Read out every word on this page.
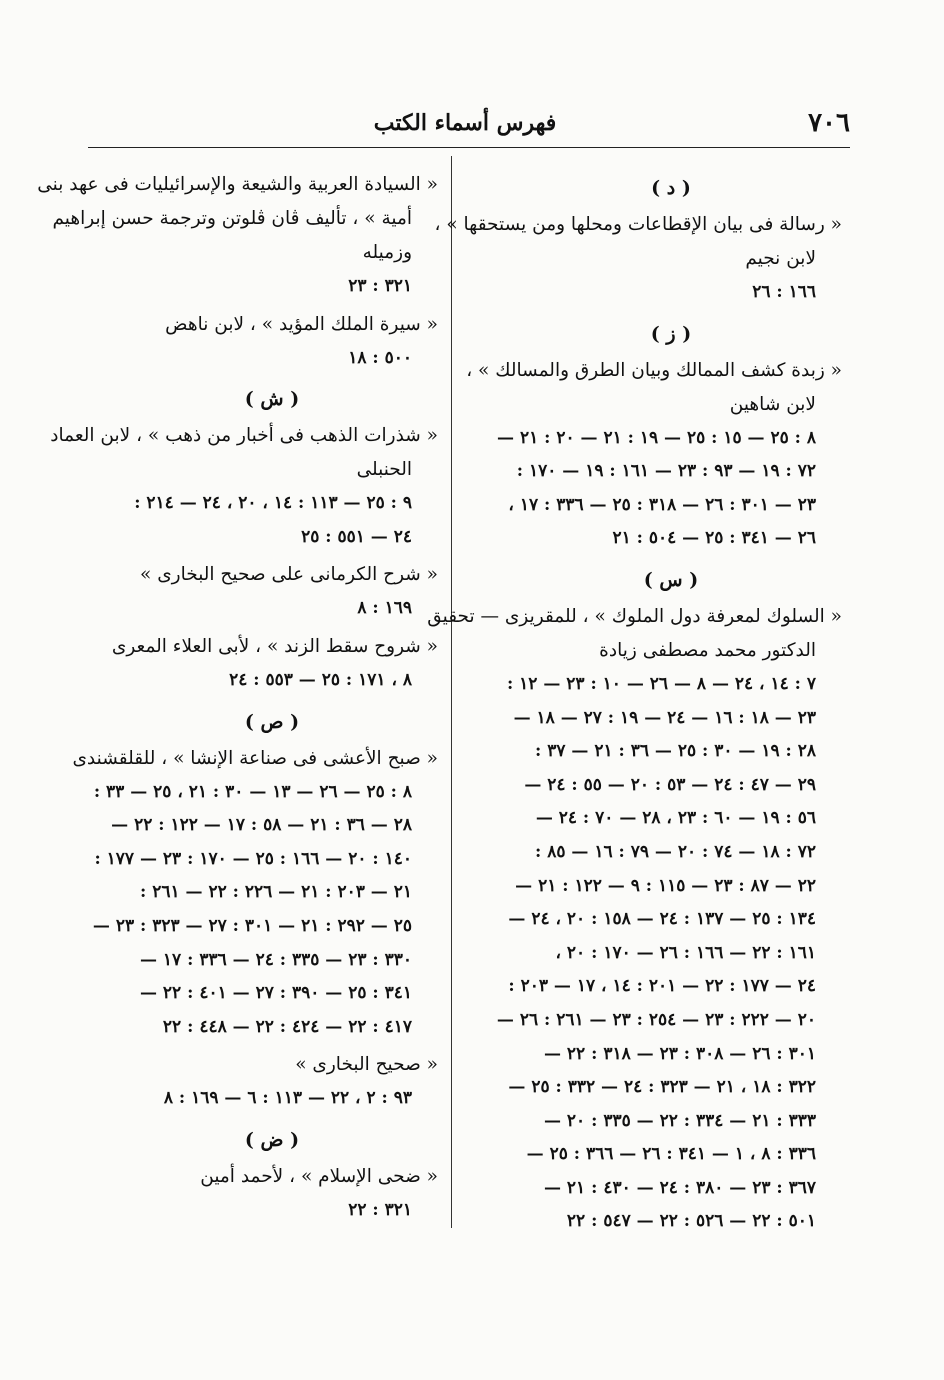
٧٠٦
فهرس أسماء الكتب
( د )
« رسالة فى بيان الإقطاعات ومحلها ومن يستحقها » ،
لابن نجيم
١٦٦ : ٢٦
( ز )
« زبدة كشف الممالك وبيان الطرق والمسالك » ،
لابن شاهين
٨ : ٢٥ — ١٥ : ٢٥ — ١٩ : ٢١ — ٢٠ : ٢١ —
٧٢ : ١٩ — ٩٣ : ٢٣ — ١٦١ : ١٩ — ١٧٠ :
٢٣ — ٣٠١ : ٢٦ — ٣١٨ : ٢٥ — ٣٣٦ : ١٧ ،
٢٦ — ٣٤١ : ٢٥ — ٥٠٤ : ٢١
( س )
« السلوك لمعرفة دول الملوك » ، للمقريزى — تحقيق
الدكتور محمد مصطفى زيادة
٧ : ١٤ ، ٢٤ — ٨ — ٢٦ — ١٠ : ٢٣ — ١٢ :
٢٣ — ١٨ : ١٦ — ٢٤ — ١٩ : ٢٧ — ١٨ —
٢٨ : ١٩ — ٣٠ : ٢٥ — ٣٦ : ٢١ — ٣٧ :
٢٩ — ٤٧ : ٢٤ — ٥٣ : ٢٠ — ٥٥ : ٢٤ —
٥٦ : ١٩ — ٦٠ : ٢٣ ، ٢٨ — ٧٠ : ٢٤ —
٧٢ : ١٨ — ٧٤ : ٢٠ — ٧٩ : ١٦ — ٨٥ :
٢٢ — ٨٧ : ٢٣ — ١١٥ : ٩ — ١٢٢ : ٢١ —
١٣٤ : ٢٥ — ١٣٧ : ٢٤ — ١٥٨ : ٢٠ ، ٢٤ —
١٦١ : ٢٢ — ١٦٦ : ٢٦ — ١٧٠ : ٢٠ ،
٢٤ — ١٧٧ : ٢٢ — ٢٠١ : ١٤ ، ١٧ — ٢٠٣ :
٢٠ — ٢٢٢ : ٢٣ — ٢٥٤ : ٢٣ — ٢٦١ : ٢٦ —
٣٠١ : ٢٦ — ٣٠٨ : ٢٣ — ٣١٨ : ٢٢ —
٣٢٢ : ١٨ ، ٢١ — ٣٢٣ : ٢٤ — ٣٣٢ : ٢٥ —
٣٣٣ : ٢١ — ٣٣٤ : ٢٢ — ٣٣٥ : ٢٠ —
٣٣٦ : ٨ ، ١ — ٣٤١ : ٢٦ — ٣٦٦ : ٢٥ —
٣٦٧ : ٢٣ — ٣٨٠ : ٢٤ — ٤٣٠ : ٢١ —
٥٠١ : ٢٢ — ٥٢٦ : ٢٢ — ٥٤٧ : ٢٢
« السيادة العربية والشيعة والإسرائيليات فى عهد بنى
أمية » ، تأليف ڤان ڤلوتن وترجمة حسن إبراهيم
وزميله
٣٢١ : ٢٣
« سيرة الملك المؤيد » ، لابن ناهض
٥٠٠ : ١٨
( ش )
« شذرات الذهب فى أخبار من ذهب » ، لابن العماد
الحنبلى
٩ : ٢٥ — ١١٣ : ١٤ ، ٢٠ ، ٢٤ — ٢١٤ :
٢٤ — ٥٥١ : ٢٥
« شرح الكرمانى على صحيح البخارى »
١٦٩ : ٨
« شروح سقط الزند » ، لأبى العلاء المعرى
٨ ، ١٧١ : ٢٥ — ٥٥٣ : ٢٤
( ص )
« صبح الأعشى فى صناعة الإنشا » ، للقلقشندى
٨ : ٢٥ — ٢٦ — ١٣ — ٣٠ : ٢١ ، ٢٥ — ٣٣ :
٢٨ — ٣٦ : ٢١ — ٥٨ : ١٧ — ١٢٢ : ٢٢ —
١٤٠ : ٢٠ — ١٦٦ : ٢٥ — ١٧٠ : ٢٣ — ١٧٧ :
٢١ — ٢٠٣ : ٢١ — ٢٢٦ : ٢٢ — ٢٦١ :
٢٥ — ٢٩٢ : ٢١ — ٣٠١ : ٢٧ — ٣٢٣ : ٢٣ —
٣٣٠ : ٢٣ — ٣٣٥ : ٢٤ — ٣٣٦ : ١٧ —
٣٤١ : ٢٥ — ٣٩٠ : ٢٧ — ٤٠١ : ٢٢ —
٤١٧ : ٢٢ — ٤٢٤ : ٢٢ — ٤٤٨ : ٢٢
« صحيح البخارى »
٩٣ : ٢ ، ٢٢ — ١١٣ : ٦ — ١٦٩ : ٨
( ض )
« ضحى الإسلام » ، لأحمد أمين
٣٢١ : ٢٢
